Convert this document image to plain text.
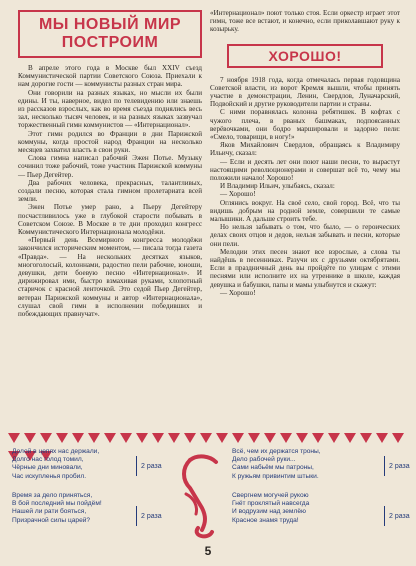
МЫ НОВЫЙ МИР ПОСТРОИМ

В апреле этого года в Москве был XXIV съезд Коммунистической партии Советского Союза. Приехали к нам дорогие гости — коммунисты разных стран мира.

Они говорили на разных языках, но мысли их были едины. И ты, наверное, видел по телевидению или знаешь из рассказов взрослых, как во время съезда поднялись весь зал, несколько тысяч человек, и на разных языках зазвучал торжественный гимн коммунистов — «Интернационал».

Этот гимн родился во Франции в дни Парижской коммуны, когда простой народ Франции на несколько месяцев захватил власть в свои руки.

Слова гимна написал рабочий Эжен Потье. Музыку сочинил тоже рабочий, тоже участник Парижской коммуны — Пьер Дегейтер.

Два рабочих человека, прекрасных, талантливых, создали песню, которая стала гимном пролетариата всей земли.

Эжен Потье умер рано, а Пьеру Дегейтеру посчастливилось уже в глубокой старости побывать в Советском Союзе. В Москве в те дни проходил конгресс Коммунистического Интернационала молодёжи.

«Первый день Всемирного конгресса молодёжи закончился историческим моментом, — писала тогда газета «Правда». — На нескольких десятках языков, многоголосый, колоннами, радостно пели рабочие, юноши, девушки, дети боевую песню «Интернационал». И дирижировал ими, быстро взмахивая руками, хлопотный старичок с красной ленточкой. Это седой Пьер Дегейтер, ветеран Парижской коммуны и автор «Интернационала», слушал свой гимн в исполнении победивших и побеждающих правнучат».

«Интернационал» поют только стоя. Если оркестр играет этот гимн, тоже все встают, и конечно, если приколавшают руку к козырьку.
ХОРОШО!

7 ноября 1918 года, когда отмечалась первая годовщина Советской власти, из ворот Кремля вышли, чтобы принять участие в демонстрации, Ленин, Свердлов, Луначарский, Подвойский и другие руководители партии и страны.

С ними поравнялась колонна ребятишек. В кофтах с чужого плеча, в рваных башмаках, подпоясанных верёвочками, они бодро маршировали и задорно пели: «Смело, товарищи, в ногу!»

Яков Михайлович Свердлов, обращаясь к Владимиру Ильичу, сказал:

— Если и десять лет они поют наши песни, то вырастут настоящими революционерами и совершат всё то, чему мы положили начало! Хорошо!

И Владимир Ильич, улыбаясь, сказал:

— Хорошо!

Оглянись вокруг. На своё село, свой город. Всё, что ты видишь добрым на родной земле, совершили те самые малышики. А дальше строить тебе.

Но нельзя забывать о том, что было, — о героических делах своих отцов и дедов, нельзя забывать и песни, которые они пели.

Мелодии этих песен знают все взрослые, а слова ты найдёшь в песенниках. Разучи их с друзьями октябрятами. Если в праздничный день вы пройдёте по улицам с этими песнями или исполните их на утреннике в школе, каждая девушка и бабушки, папы и мамы улыбнутся и скажут:

— Хорошо!

Долой в цепях нас держали,
Долго нас голод томил,
Чёрные дни миновали,
Час искупленья пробил.
2 раза
Время за дело приняться,
В бой последний мы пойдём!
Нашей ли рати бояться,
Призрачной силы царей?
2 раза
Всё, чем их держатся троны,
Дело рабочей руки...
Сами набьём мы патроны,
К ружьям привинтим штыки.
2 раза
Свергнем могучей рукою
Гнёт проклятый навсегда
И водрузим над землёю
Красное знамя труда!
2 раза
5
